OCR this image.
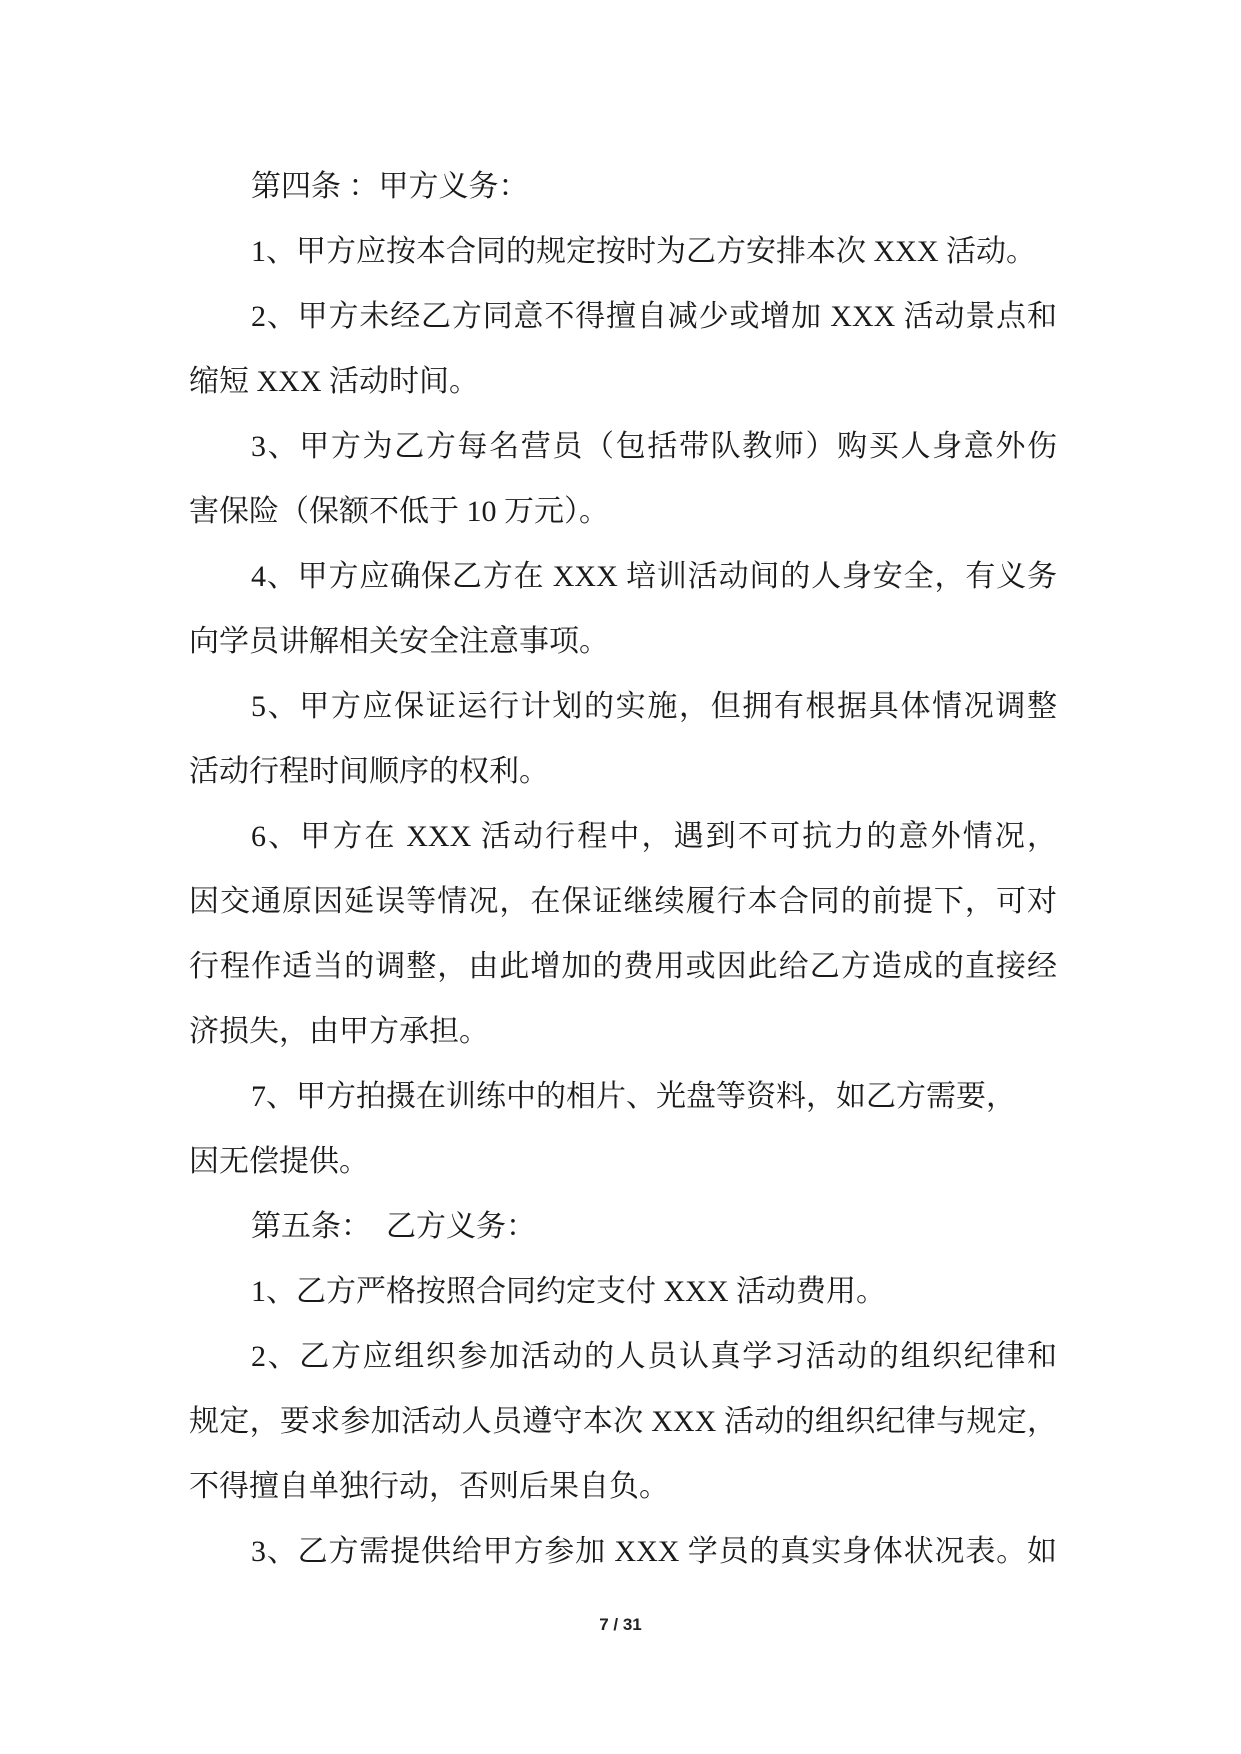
第四条 ：甲方义务：
1、甲方应按本合同的规定按时为乙方安排本次 XXX 活动。
2、甲方未经乙方同意不得擅自减少或增加 XXX 活动景点和
缩短 XXX 活动时间。
3、甲方为乙方每名营员（包括带队教师）购买人身意外伤
害保险（保额不低于 10 万元）。
4、甲方应确保乙方在 XXX 培训活动间的人身安全，有义务
向学员讲解相关安全注意事项。
5、甲方应保证运行计划的实施，但拥有根据具体情况调整
活动行程时间顺序的权利。
6、甲方在 XXX 活动行程中，遇到不可抗力的意外情况，
因交通原因延误等情况，在保证继续履行本合同的前提下，可对
行程作适当的调整，由此增加的费用或因此给乙方造成的直接经
济损失，由甲方承担。
7、甲方拍摄在训练中的相片、光盘等资料，如乙方需要，
因无偿提供。
第五条：  乙方义务：
1、乙方严格按照合同约定支付 XXX 活动费用。
2、乙方应组织参加活动的人员认真学习活动的组织纪律和
规定，要求参加活动人员遵守本次 XXX 活动的组织纪律与规定，
不得擅自单独行动，否则后果自负。
3、乙方需提供给甲方参加 XXX 学员的真实身体状况表。如
7 / 31
